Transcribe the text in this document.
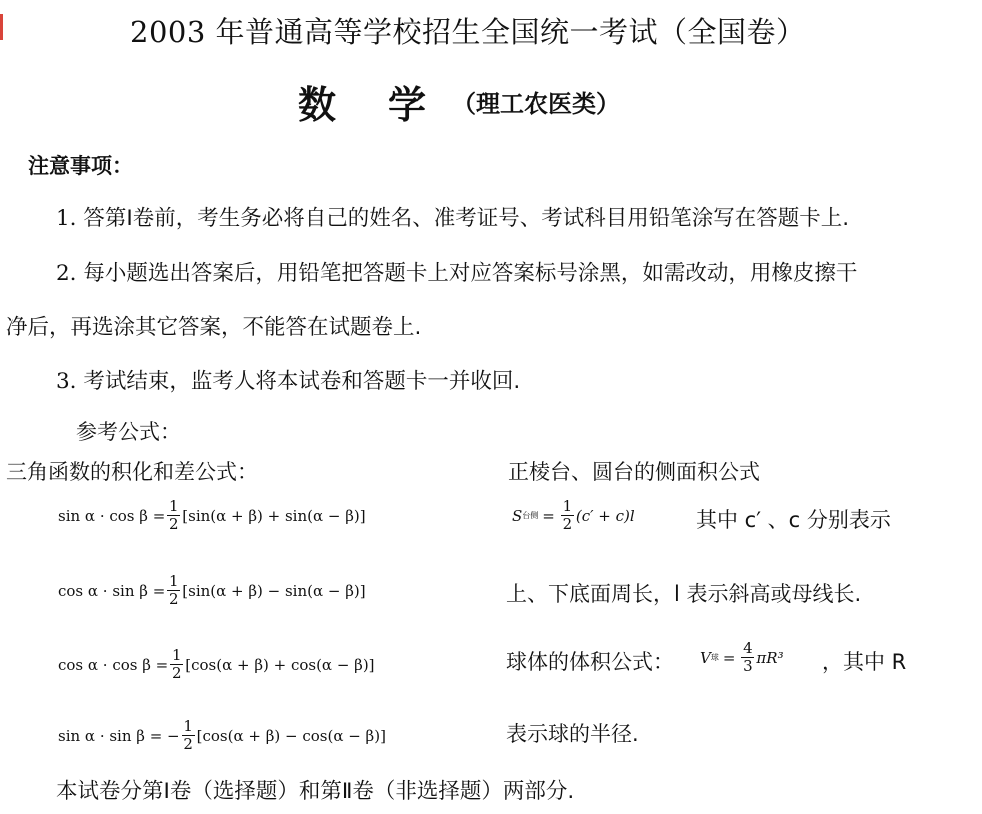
2003 年普通高等学校招生全国统一考试（全国卷）
数 学 （理工农医类）
注意事项：
1. 答第Ⅰ卷前，考生务必将自己的姓名、准考证号、考试科目用铅笔涂写在答题卡上.
2. 每小题选出答案后，用铅笔把答题卡上对应答案标号涂黑，如需改动，用橡皮擦干
净后，再选涂其它答案，不能答在试题卷上.
3. 考试结束，监考人将本试卷和答题卡一并收回.
参考公式：
三角函数的积化和差公式：
$\sin \alpha \cdot \cos \beta = \frac{1}{2} [\sin(\alpha + \beta) + \sin(\alpha - \beta)]$
$\cos \alpha \cdot \sin \beta = \frac{1}{2} [\sin(\alpha + \beta) - \sin(\alpha - \beta)]$
$\cos \alpha \cdot \cos \beta = \frac{1}{2} [\cos(\alpha + \beta) + \cos(\alpha - \beta)]$
sin α · sin β = − $\frac{1}{2} [\cos(\alpha + \beta) - \cos(\alpha - \beta)]$
正棱台、圆台的侧面积公式
S 台侧 = $\frac{1}{2} (c' + c)l$	其中 c′ 、c 分别表示
上、下底面周长，l 表示斜高或母线长.
球体的体积公式： V 球 = $\frac{4}{3} \pi R^3$ ，其中 R
表示球的半径.
本试卷分第Ⅰ卷（选择题）和第Ⅱ卷（非选择题）两部分.
